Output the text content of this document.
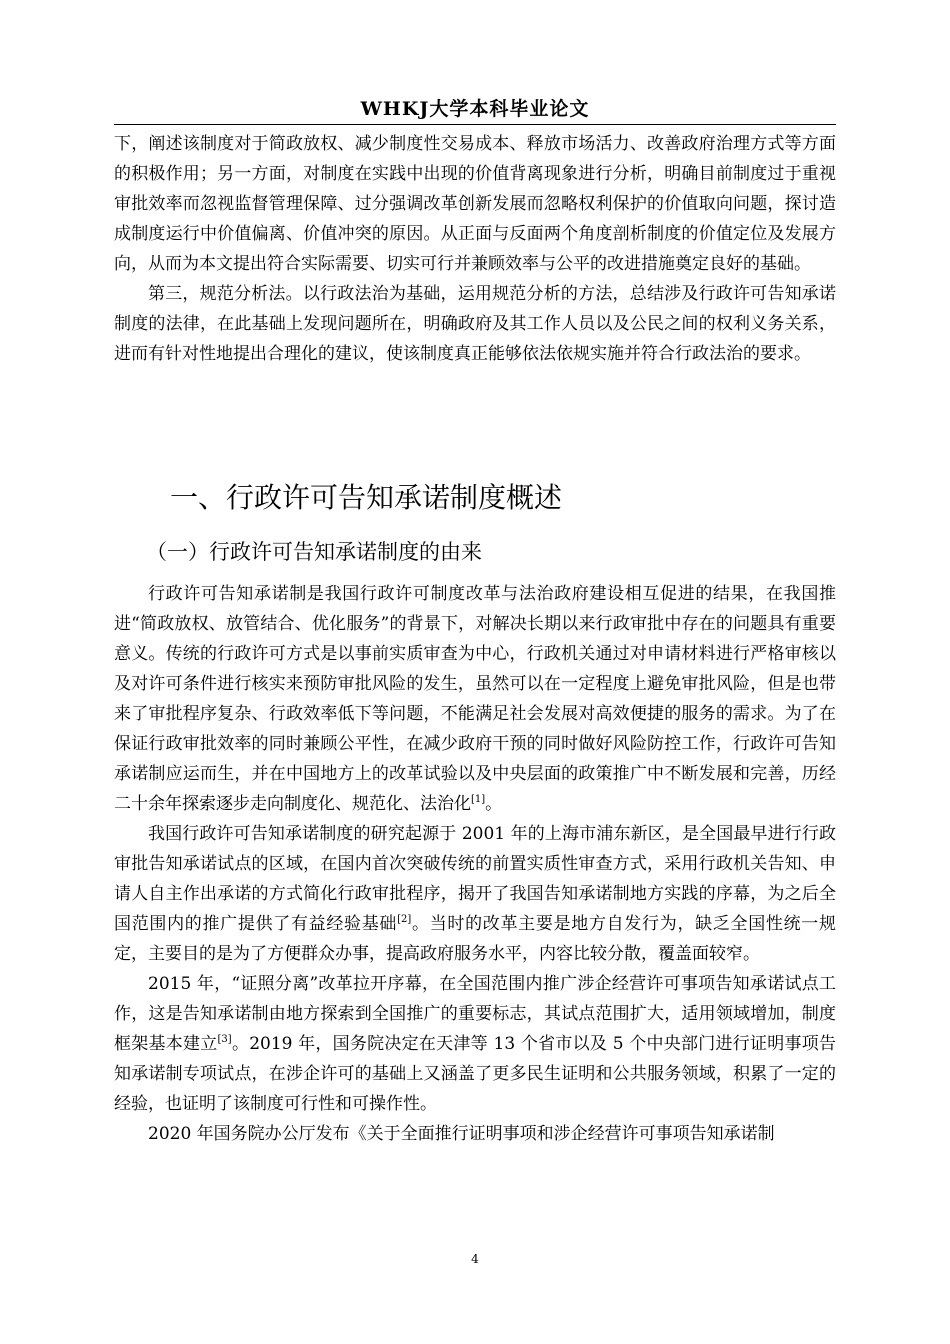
WHKJ大学本科毕业论文

下，阐述该制度对于简政放权、减少制度性交易成本、释放市场活力、改善政府治理方式等方面的积极作用；另一方面，对制度在实践中出现的价值背离现象进行分析，明确目前制度过于重视审批效率而忽视监督管理保障、过分强调改革创新发展而忽略权利保护的价值取向问题，探讨造成制度运行中价值偏离、价值冲突的原因。从正面与反面两个角度剖析制度的价值定位及发展方向，从而为本文提出符合实际需要、切实可行并兼顾效率与公平的改进措施奠定良好的基础。

第三，规范分析法。以行政法治为基础，运用规范分析的方法，总结涉及行政许可告知承诺制度的法律，在此基础上发现问题所在，明确政府及其工作人员以及公民之间的权利义务关系，进而有针对性地提出合理化的建议，使该制度真正能够依法依规实施并符合行政法治的要求。

一、行政许可告知承诺制度概述
（一）行政许可告知承诺制度的由来

行政许可告知承诺制是我国行政许可制度改革与法治政府建设相互促进的结果，在我国推进“简政放权、放管结合、优化服务”的背景下，对解决长期以来行政审批中存在的问题具有重要意义。传统的行政许可方式是以事前实质审查为中心，行政机关通过对申请材料进行严格审核以及对许可条件进行核实来预防审批风险的发生，虽然可以在一定程度上避免审批风险，但是也带来了审批程序复杂、行政效率低下等问题，不能满足社会发展对高效便捷的服务的需求。为了在保证行政审批效率的同时兼顾公平性，在减少政府干预的同时做好风险防控工作，行政许可告知承诺制应运而生，并在中国地方上的改革试验以及中央层面的政策推广中不断发展和完善，历经二十余年探索逐步走向制度化、规范化、法治化[1]。

我国行政许可告知承诺制度的研究起源于 2001 年的上海市浦东新区，是全国最早进行行政审批告知承诺试点的区域，在国内首次突破传统的前置实质性审查方式，采用行政机关告知、申请人自主作出承诺的方式简化行政审批程序，揭开了我国告知承诺制地方实践的序幕，为之后全国范围内的推广提供了有益经验基础[2]。当时的改革主要是地方自发行为，缺乏全国性统一规定，主要目的是为了方便群众办事，提高政府服务水平，内容比较分散，覆盖面较窄。

2015 年，“证照分离”改革拉开序幕，在全国范围内推广涉企经营许可事项告知承诺试点工作，这是告知承诺制由地方探索到全国推广的重要标志，其试点范围扩大，适用领域增加，制度框架基本建立[3]。2019 年，国务院决定在天津等 13 个省市以及 5 个中央部门进行证明事项告知承诺制专项试点，在涉企许可的基础上又涵盖了更多民生证明和公共服务领域，积累了一定的经验，也证明了该制度可行性和可操作性。

2020 年国务院办公厅发布《关于全面推行证明事项和涉企经营许可事项告知承诺制

4
